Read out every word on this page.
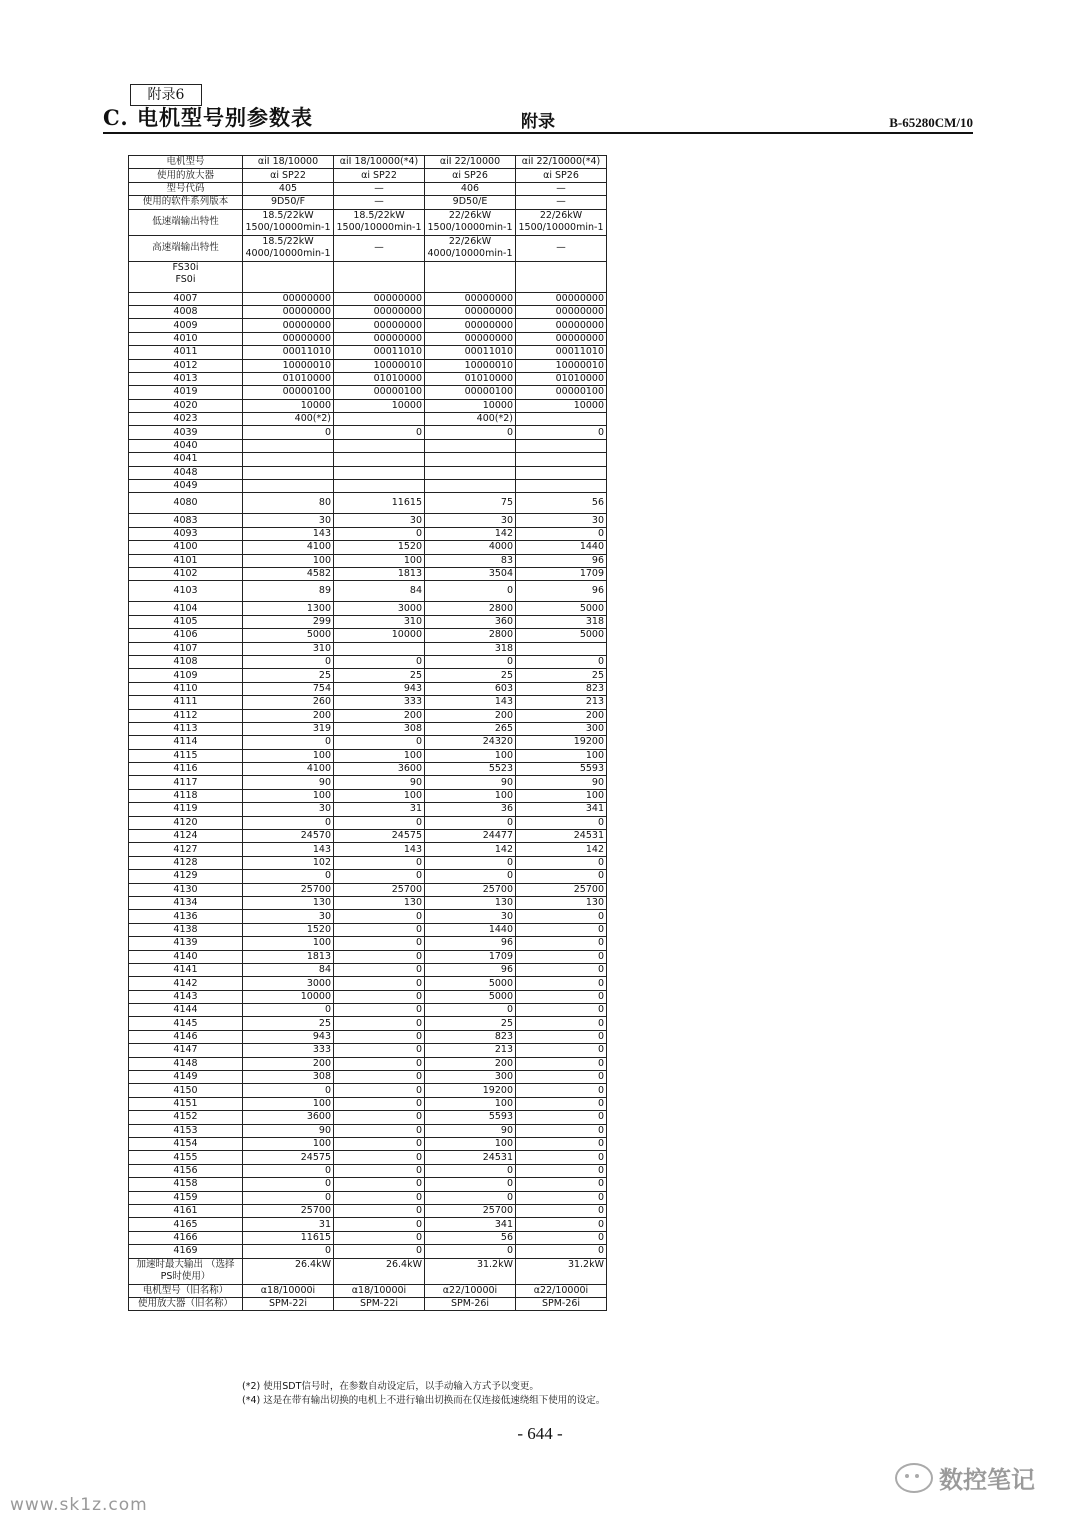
附录6
C. 电机型号别参数表	附录	B-65280CM/10
电机型号	αiI 18/10000	αiI 18/10000(*4)	αiI 22/10000	αiI 22/10000(*4)
使用的放大器	αi SP22	αi SP22	αi SP26	αi SP26
型号代码	405	—	406	—
使用的软件系列版本	9D50/F	—	9D50/E	—
低速端输出特性	18.5/22kW 1500/10000min-1	18.5/22kW 1500/10000min-1	22/26kW 1500/10000min-1	22/26kW 1500/10000min-1
高速端输出特性	18.5/22kW 4000/10000min-1	—	22/26kW 4000/10000min-1	—

FS30i
FS0i				

4007	00000000	00000000	00000000	00000000
4008	00000000	00000000	00000000	00000000
4009	00000000	00000000	00000000	00000000
4010	00000000	00000000	00000000	00000000
4011	00011010	00011010	00011010	00011010
4012	10000010	10000010	10000010	10000010
4013	01010000	01010000	01010000	01010000
4019	00000100	00000100	00000100	00000100
4020	10000	10000	10000	10000
4023	400(*2)		400(*2)	
4039	0	0	0	0
4040				
4041				
4048				
4049				
4080	80	11615	75	56
4083	30	30	30	30
4093	143	0	142	0
4100	4100	1520	4000	1440
4101	100	100	83	96
4102	4582	1813	3504	1709
4103	89	84	0	96
4104	1300	3000	2800	5000
4105	299	310	360	318
4106	5000	10000	2800	5000
4107	310		318	
4108	0	0	0	0
4109	25	25	25	25
4110	754	943	603	823
4111	260	333	143	213
4112	200	200	200	200
4113	319	308	265	300
4114	0	0	24320	19200
4115	100	100	100	100
4116	4100	3600	5523	5593
4117	90	90	90	90
4118	100	100	100	100
4119	30	31	36	341
4120	0	0	0	0
4124	24570	24575	24477	24531
4127	143	143	142	142
4128	102	0	0	0
4129	0	0	0	0
4130	25700	25700	25700	25700
4134	130	130	130	130
4136	30	0	30	0
4138	1520	0	1440	0
4139	100	0	96	0
4140	1813	0	1709	0
4141	84	0	96	0
4142	3000	0	5000	0
4143	10000	0	5000	0
4144	0	0	0	0
4145	25	0	25	0
4146	943	0	823	0
4147	333	0	213	0
4148	200	0	200	0
4149	308	0	300	0
4150	0	0	19200	0
4151	100	0	100	0
4152	3600	0	5593	0
4153	90	0	90	0
4154	100	0	100	0
4155	24575	0	24531	0
4156	0	0	0	0
4158	0	0	0	0
4159	0	0	0	0
4161	25700	0	25700	0
4165	31	0	341	0
4166	11615	0	56	0
4169	0	0	0	0
加速时最大输出 （选择PS时使用）	26.4kW	26.4kW	31.2kW	31.2kW
电机型号（旧名称）	α18/10000i	α18/10000i	α22/10000i	α22/10000i
使用放大器（旧名称）	SPM-22i	SPM-22i	SPM-26i	SPM-26i
(*2) 使用SDT信号时，在参数自动设定后，以手动输入方式予以变更。
(*4) 这是在带有输出切换的电机上不进行输出切换而在仅连接低速绕组下使用的设定。
- 644 -
www.sk1z.com
数控笔记
